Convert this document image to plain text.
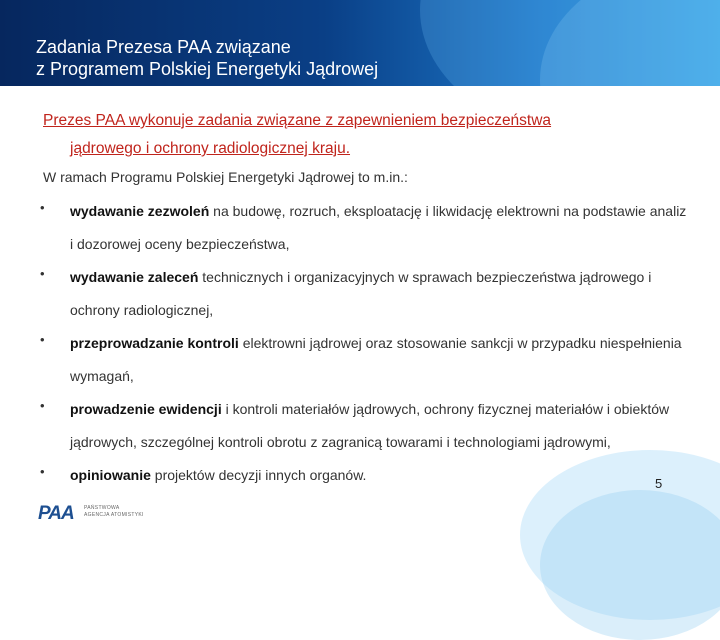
Zadania Prezesa PAA związane
z Programem Polskiej Energetyki Jądrowej
Prezes PAA wykonuje zadania związane z zapewnieniem bezpieczeństwa
jądrowego i ochrony radiologicznej kraju.
W ramach Programu Polskiej Energetyki Jądrowej to m.in.:
• wydawanie zezwoleń na budowę, rozruch, eksploatację i likwidację elektrowni na podstawie analiz i dozorowej oceny bezpieczeństwa,
• wydawanie zaleceń technicznych i organizacyjnych w sprawach bezpieczeństwa jądrowego i ochrony radiologicznej,
• przeprowadzanie kontroli elektrowni jądrowej oraz stosowanie sankcji w przypadku niespełnienia wymagań,
• prowadzenie ewidencji i kontroli materiałów jądrowych, ochrony fizycznej materiałów i obiektów jądrowych, szczególnej kontroli obrotu z zagranicą towarami i technologiami jądrowymi,
• opiniowanie projektów decyzji innych organów.
PAA PAŃSTWOWA
AGENCJA ATOMISTYKI
5
